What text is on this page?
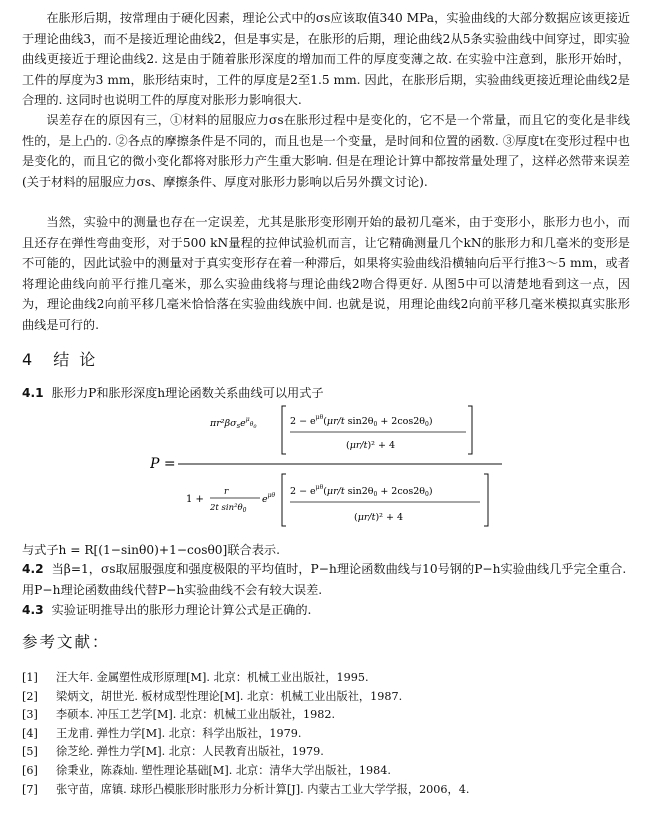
在胀形后期，按常理由于硬化因素，理论公式中的σs应该取值340 MPa，实验曲线的大部分数据应该更接近于理论曲线3，而不是接近理论曲线2，但是事实是，在胀形的后期，理论曲线2从5条实验曲线中间穿过，即实验曲线更接近于理论曲线2. 这是由于随着胀形深度的增加而工件的厚度变薄之故. 在实验中注意到，胀形开始时，工件的厚度为3 mm，胀形结束时，工件的厚度是2至1.5 mm. 因此，在胀形后期，实验曲线更接近理论曲线2是合理的. 这同时也说明工件的厚度对胀形力影响很大.

误差存在的原因有三，①材料的屈服应力σs在胀形过程中是变化的，它不是一个常量，而且它的变化是非线性的，是上凸的. ②各点的摩擦条件是不同的，而且也是一个变量，是时间和位置的函数. ③厚度t在变形过程中也是变化的，而且它的微小变化都将对胀形力产生重大影响. 但是在理论计算中都按常量处理了，这样必然带来误差(关于材料的屈服应力σs、摩擦条件、厚度对胀形力影响以后另外撰文讨论).

当然，实验中的测量也存在一定误差，尤其是胀形变形刚开始的最初几毫米，由于变形小，胀形力也小，而且还存在弹性弯曲变形，对于500 kN量程的拉伸试验机而言，让它精确测量几个kN的胀形力和几毫米的变形是不可能的，因此试验中的测量对于真实变形存在着一种滞后，如果将实验曲线沿横轴向后平行推3～5 mm，或者将理论曲线向前平行推几毫米，那么实验曲线将与理论曲线2吻合得更好. 从图5中可以清楚地看到这一点，因为，理论曲线2向前平移几毫米恰恰落在实验曲线族中间. 也就是说，用理论曲线2向前平移几毫米模拟真实胀形曲线是可行的.

4 结论

4.1 胀形力P和胀形深度h理论函数关系曲线可以用式子

P =
$\pi r^2\beta\sigma_se^\mu_{\theta 0}$	$2 - e^{\mu\theta}(\mu r/t$ $\sin 2\theta_0 + 2\cos 2\theta_0$)
(μr/t)² + 4
1 +
r
2t $\sin^2\theta_0$
$e^{\mu\theta}$ $2 - e^{\mu\theta}(\mu r/t$ $\sin 2\theta_0 + 2\cos 2\theta_0$)
(μr/t)² + 4

与式子h = R[(1−sinθ0)+1−cosθ0]联合表示.

4.2 当β=1，σs取屈服强度和强度极限的平均值时，P−h理论函数曲线与10号钢的P−h实验曲线几乎完全重合. 用P−h理论函数曲线代替P−h实验曲线不会有较大误差.

4.3 实验证明推导出的胀形力理论计算公式是正确的.

参考文献：

[1] 汪大年. 金属塑性成形原理[M]. 北京：机械工业出版社，1995.

[2] 梁炳文，胡世光. 板材成型性理论[M]. 北京：机械工业出版社，1987.

[3] 李硕本. 冲压工艺学[M]. 北京：机械工业出版社，1982.

[4] 王龙甫. 弹性力学[M]. 北京：科学出版社，1979.

[5] 徐芝纶. 弹性力学[M]. 北京：人民教育出版社，1979.

[6] 徐秉业，陈森灿. 塑性理论基础[M]. 北京：清华大学出版社，1984.

[7] 张守苗，席镇. 球形凸模胀形时胀形力分析计算[J]. 内蒙古工业大学学报，2006，4.
